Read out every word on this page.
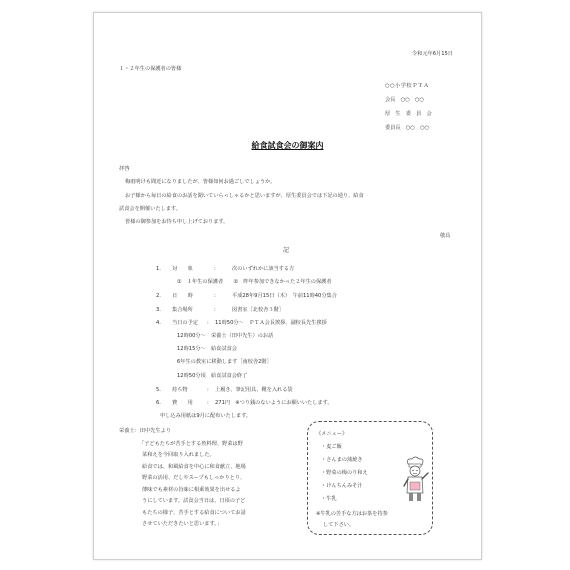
令和元年6月15日
１・２年生の保護者の皆様
○○小学校ＰＴＡ
会長　○○　○○
厚　生　委　員　会
委員長　○○　○○
給食試食会の御案内
拝啓
梅雨明けも間近になりましたが、皆様如何お過ごしでしょうか。
お子様から毎日の給食のお話を聞いていらっしゃるかと思いますが、厚生委員会では下記の通り、給食
試食会を開催いたします。
皆様の御参加をお待ち申し上げております。
敬具
記
1. 対　　象	:	次のいずれかに該当する方
①　１年生の保護者　　②　昨年参加できなかった２年生の保護者
2. 日　　時	:	平成28年9月15日（木）　午前11時40分集合
3. 集合場所	:	図書室［北校舎３階］
4. 当日の予定 : 11時50分～　ＰＴＡ会長挨拶、副校長先生挨拶
12時00分～　栄養士（田中先生）のお話
12時15分～　給食試食会
6年生の教室に移動します［南校舎2階］
12時50分頃　給食試食会終了
5. 持ち物	: 上履き、筆記用具、靴を入れる袋
6. 費　　用	: 271円　※つり銭のないようにお願いいたします。
申し込み用紙は9月に配布いたします。
栄養士：田中先生より
「子どもたちが苦手とする魚料理、野菜は野
菜和えを今回取り入れました。
給食では、和風給食を中心に和食献立、地場
野菜の活用、だしやスープもしっかりとり、
薄味でも素材の旨味に相乗効果を出せるよ
うにしています。試食会当日は、日頃の子ど
もたちの様子、苦手とする給食についてお話
させていただきたいと思います。」
《メニュー》
・麦ご飯
・さんまの蒲焼き
・野菜の梅のり和え
・けんちんみそ汁
・牛乳
※牛乳の苦手な方はお茶を持参
して下さい。
